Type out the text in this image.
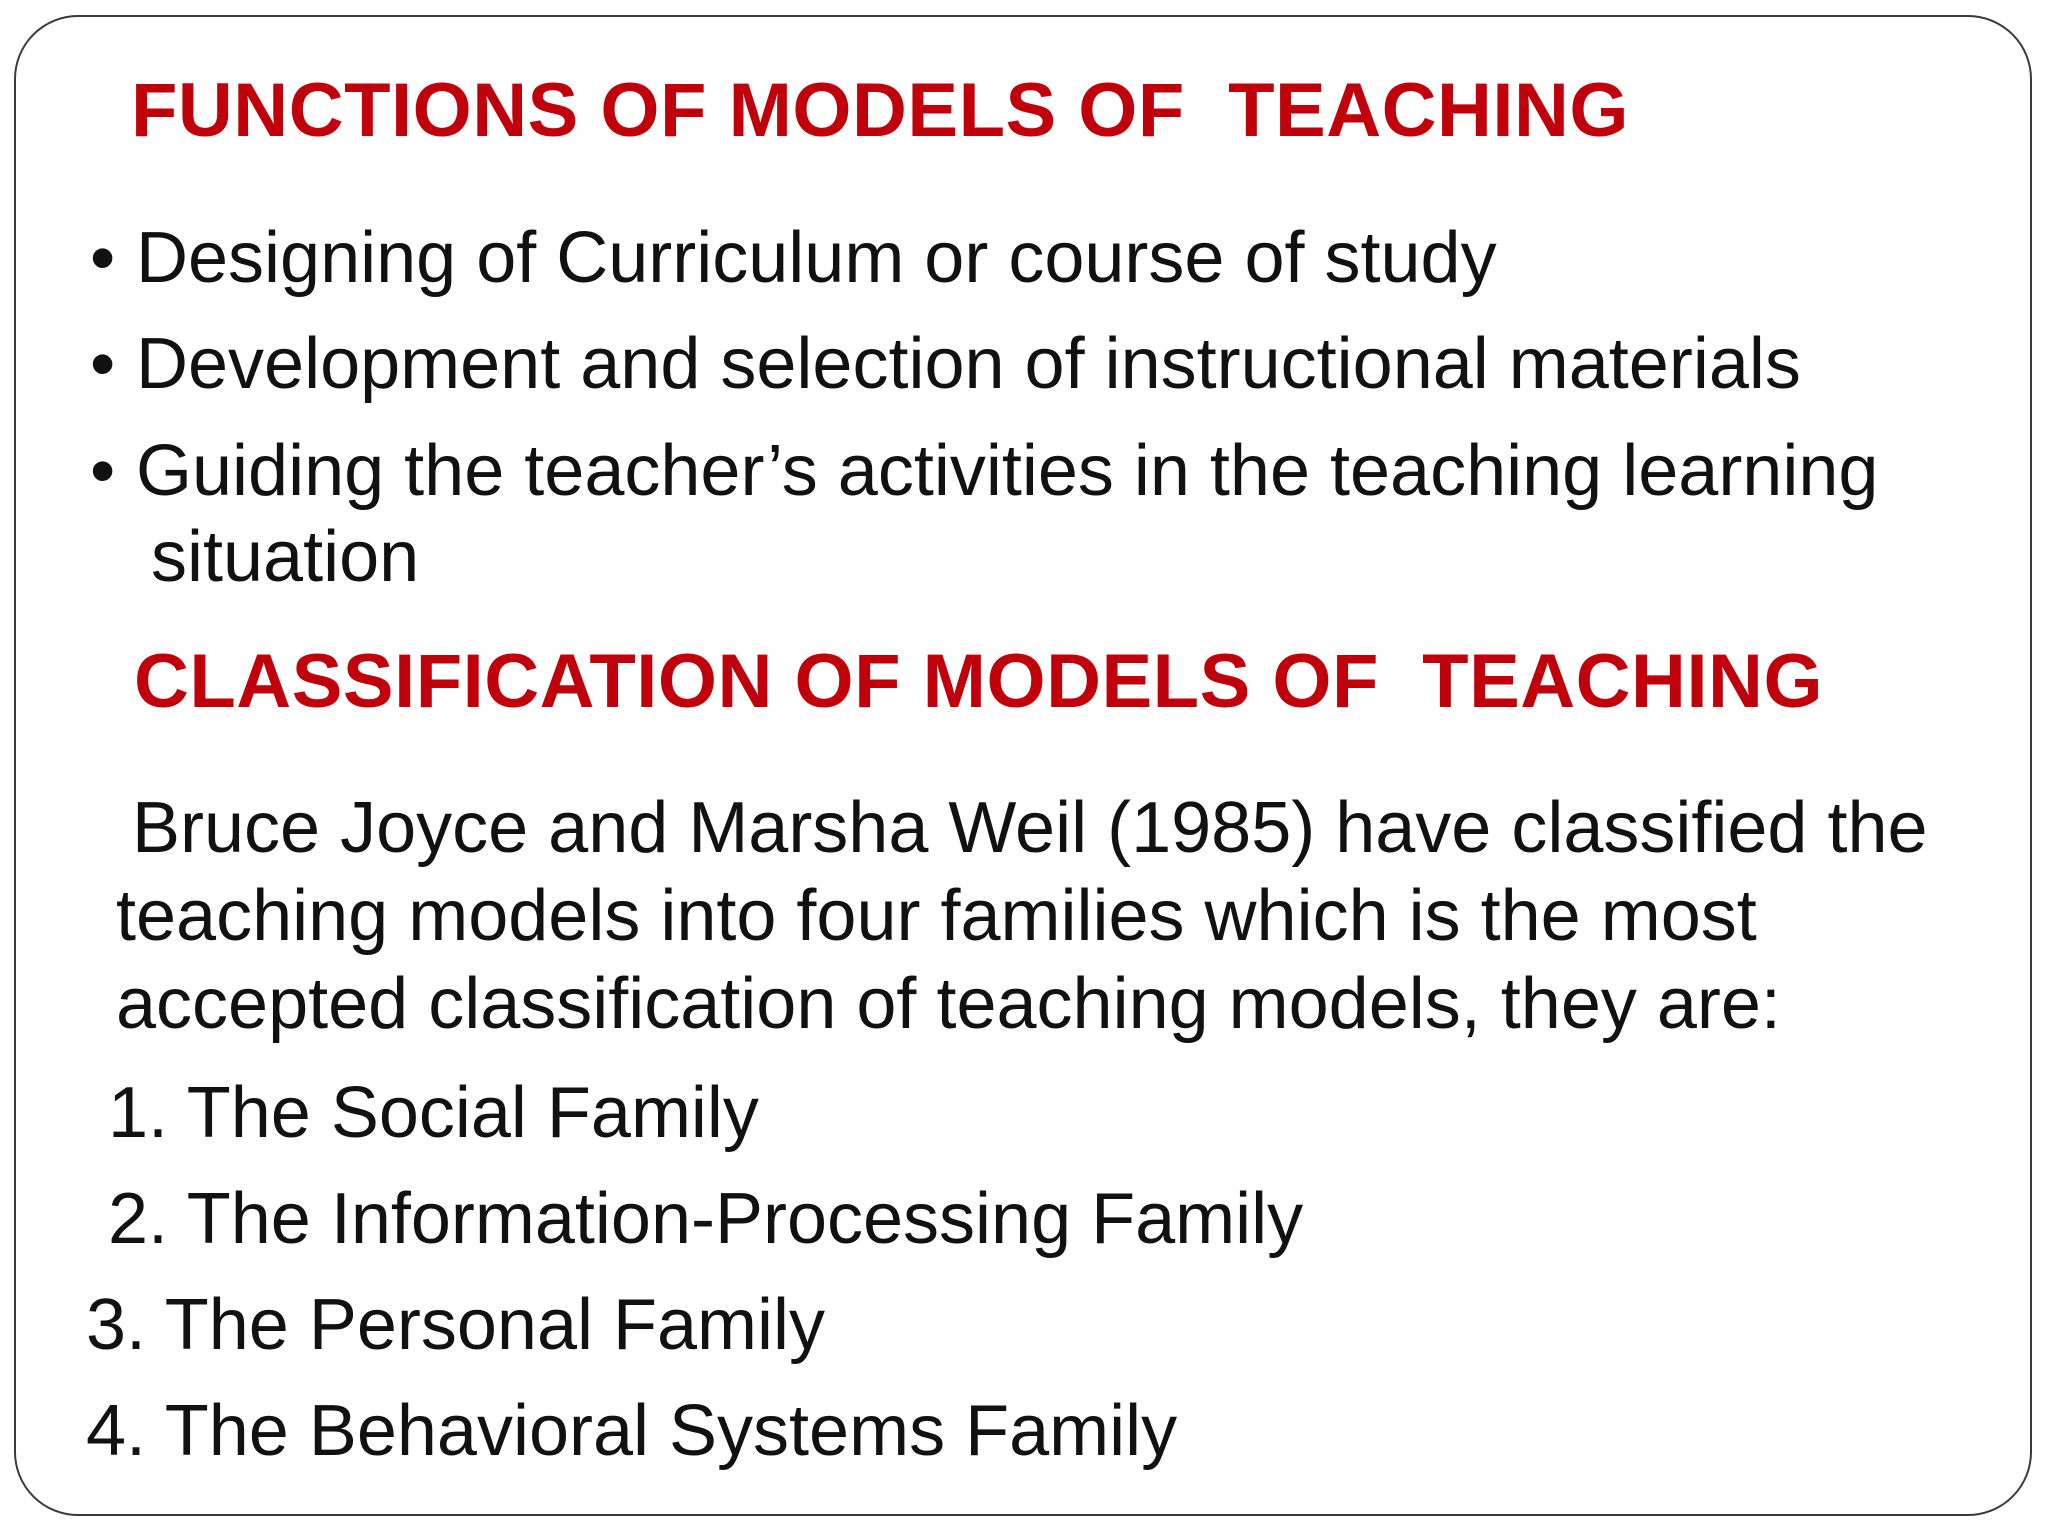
FUNCTIONS OF MODELS OF  TEACHING
• Designing of Curriculum or course of study
• Development and selection of instructional materials
• Guiding the teacher’s activities in the teaching learning
situation
CLASSIFICATION OF MODELS OF  TEACHING

Bruce Joyce and Marsha Weil (1985) have classified the teaching models into four families which is the most accepted classification of teaching models, they are:

1. The Social Family
2. The Information-Processing Family
3. The Personal Family
4. The Behavioral Systems Family
